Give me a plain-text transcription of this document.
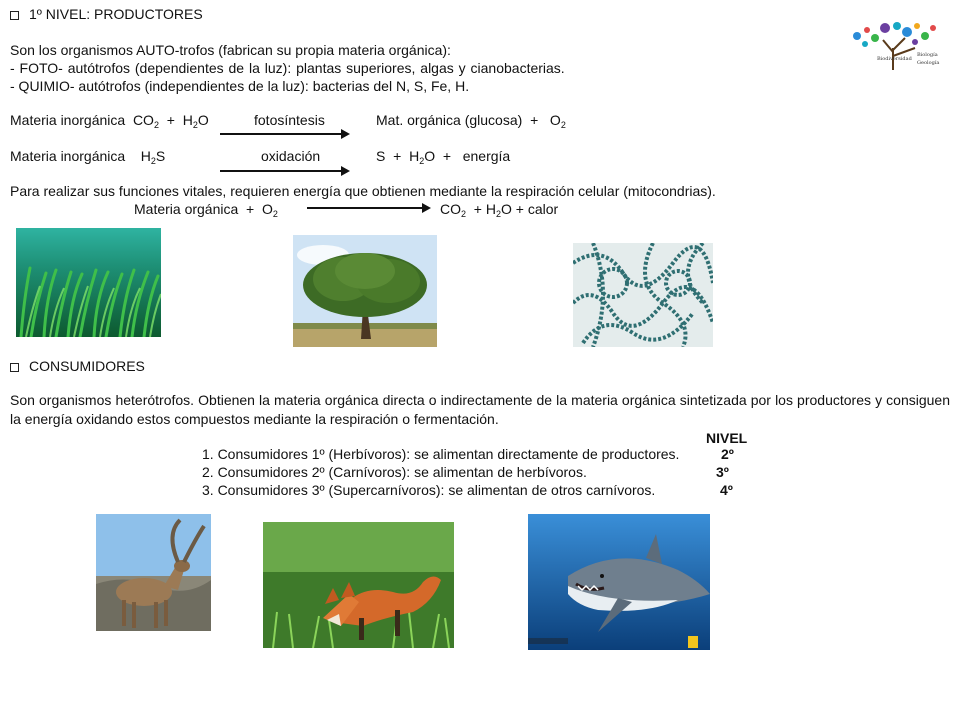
1º NIVEL: PRODUCTORES
Son los organismos AUTO-trofos (fabrican su propia materia orgánica):
- FOTO- autótrofos (dependientes de la luz): plantas superiores, algas y cianobacterias.
- QUIMIO- autótrofos (independientes de la luz): bacterias del N, S, Fe, H.
Materia inorgánica  $CO_2 + H_2O$	fotosíntesis	Mat. orgánica $(glucosa) + O_2$
Materia inorgánica    $H_2S$	oxidación	$S + H_2O$  +   energía
Para realizar sus funciones vitales, requieren energía que obtienen mediante la respiración celular (mitocondrias).
Materia orgánica  +  $O_2$	$CO_2 + H_2O$ + calor
Biodiversidad
Biología
Geología
CONSUMIDORES
Son organismos heterótrofos. Obtienen la materia orgánica directa o indirectamente de la materia orgánica sintetizada por los productores y consiguen la energía oxidando estos compuestos mediante la respiración o fermentación.
NIVEL
1. Consumidores 1º (Herbívoros): se alimentan directamente de productores.	2º
2. Consumidores 2º (Carnívoros): se alimentan de herbívoros.	3º
3. Consumidores 3º (Supercarnívoros): se alimentan de otros carnívoros.	4º
